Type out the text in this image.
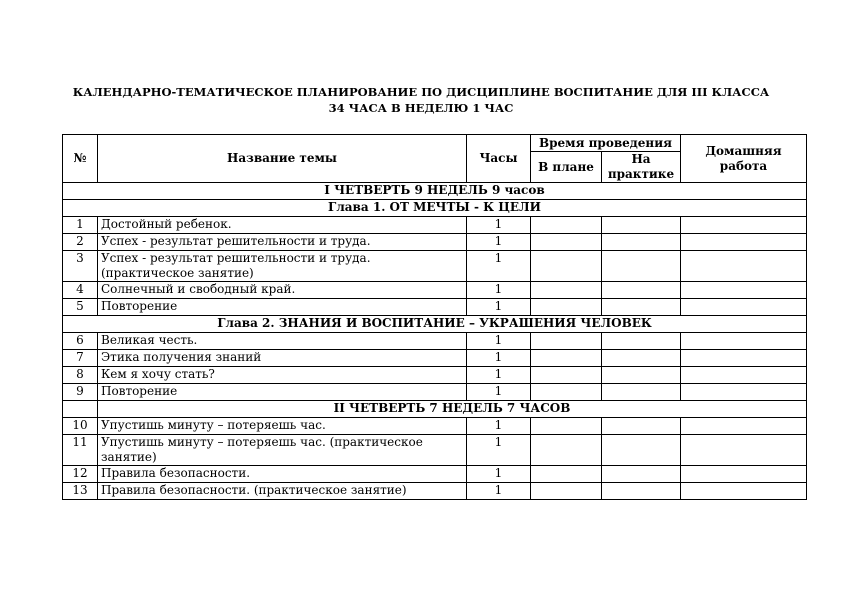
КАЛЕНДАРНО-ТЕМАТИЧЕСКОЕ ПЛАНИРОВАНИЕ ПО ДИСЦИПЛИНЕ ВОСПИТАНИЕ ДЛЯ III КЛАССА
34 ЧАСА В НЕДЕЛЮ 1 ЧАС
№	Название темы	Часы	Время проведения		Домашняя работа
			В плане	На практике	
I ЧЕТВЕРТЬ 9 НЕДЕЛЬ 9 часов					
Глава 1. ОТ МЕЧТЫ - К ЦЕЛИ					
1	Достойный ребенок.	1			
2	Успех - результат решительности и труда.	1			
3	Успех - результат решительности и труда. (практическое занятие)	1			
4	Солнечный и свободный край.	1			
5	Повторение	1			
Глава 2. ЗНАНИЯ И ВОСПИТАНИЕ – УКРАШЕНИЯ ЧЕЛОВЕК					
6	Великая честь.	1			
7	Этика получения знаний	1			
8	Кем я хочу стать?	1			
9	Повторение	1			
	II ЧЕТВЕРТЬ 7 НЕДЕЛЬ 7 ЧАСОВ				
10	Упустишь минуту – потеряешь час.	1			
11	Упустишь минуту – потеряешь час. (практическое занятие)	1			
12	Правила безопасности.	1			
13	Правила безопасности. (практическое занятие)	1			
